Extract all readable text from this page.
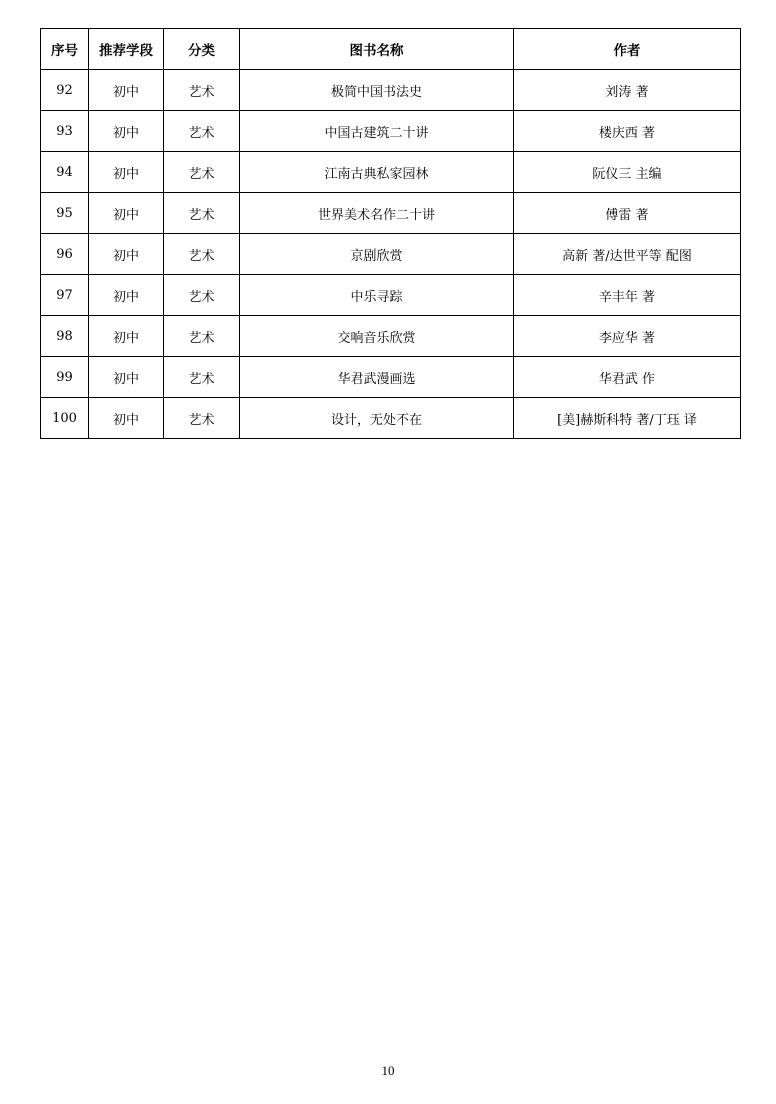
序号	推荐学段	分类	图书名称	作者
92	初中	艺术	极简中国书法史	刘涛 著
93	初中	艺术	中国古建筑二十讲	楼庆西 著
94	初中	艺术	江南古典私家园林	阮仪三 主编
95	初中	艺术	世界美术名作二十讲	傅雷 著
96	初中	艺术	京剧欣赏	高新 著/达世平等 配图
97	初中	艺术	中乐寻踪	辛丰年 著
98	初中	艺术	交响音乐欣赏	李应华 著
99	初中	艺术	华君武漫画选	华君武 作
100	初中	艺术	设计，无处不在	[美]赫斯科特 著/丁珏 译
10
